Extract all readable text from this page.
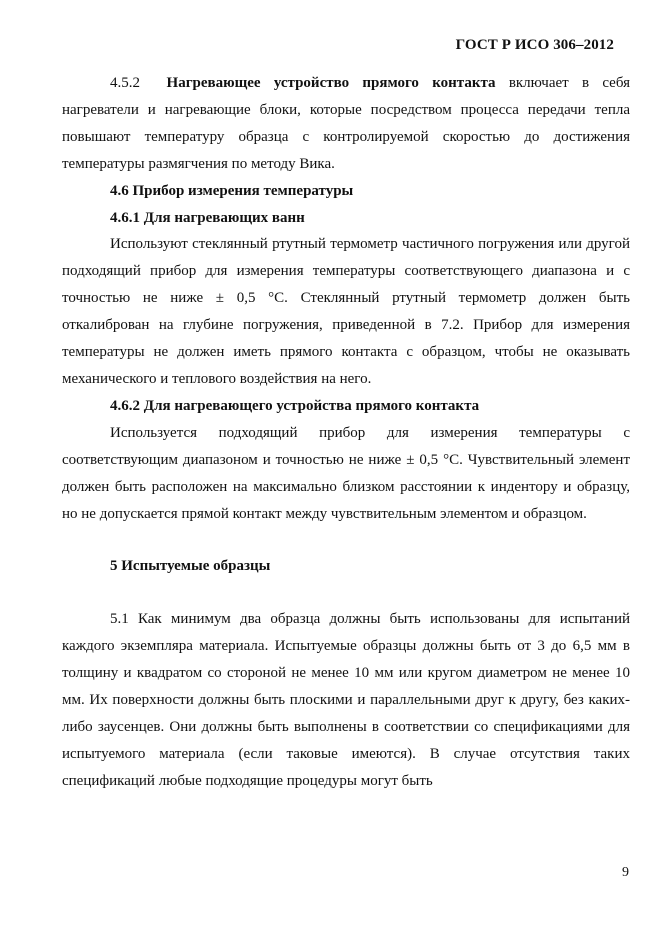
ГОСТ Р ИСО 306–2012

4.5.2 Нагревающее устройство прямого контакта включает в себя нагреватели и нагревающие блоки, которые посредством процесса передачи тепла повышают температуру образца с контролируемой скоростью до достижения температуры размягчения по методу Вика.

4.6 Прибор измерения температуры

4.6.1 Для нагревающих ванн

Используют стеклянный ртутный термометр частичного погружения или другой подходящий прибор для измерения температуры соответствующего диапазона и с точностью не ниже ± 0,5 °С. Стеклянный ртутный термометр должен быть откалиброван на глубине погружения, приведенной в 7.2. Прибор для измерения температуры не должен иметь прямого контакта с образцом, чтобы не оказывать механического и теплового воздействия на него.

4.6.2 Для нагревающего устройства прямого контакта

Используется подходящий прибор для измерения температуры с соответствующим диапазоном и точностью не ниже ± 0,5 °С. Чувствительный элемент должен быть расположен на максимально близком расстоянии к индентору и образцу, но не допускается прямой контакт между чувствительным элементом и образцом.

5 Испытуемые образцы

5.1 Как минимум два образца должны быть использованы для испытаний каждого экземпляра материала. Испытуемые образцы должны быть от 3 до 6,5 мм в толщину и квадратом со стороной не менее 10 мм или кругом диаметром не менее 10 мм. Их поверхности должны быть плоскими и параллельными друг к другу, без каких-либо заусенцев. Они должны быть выполнены в соответствии со спецификациями для испытуемого материала (если таковые имеются). В случае отсутствия таких спецификаций любые подходящие процедуры могут быть

9
